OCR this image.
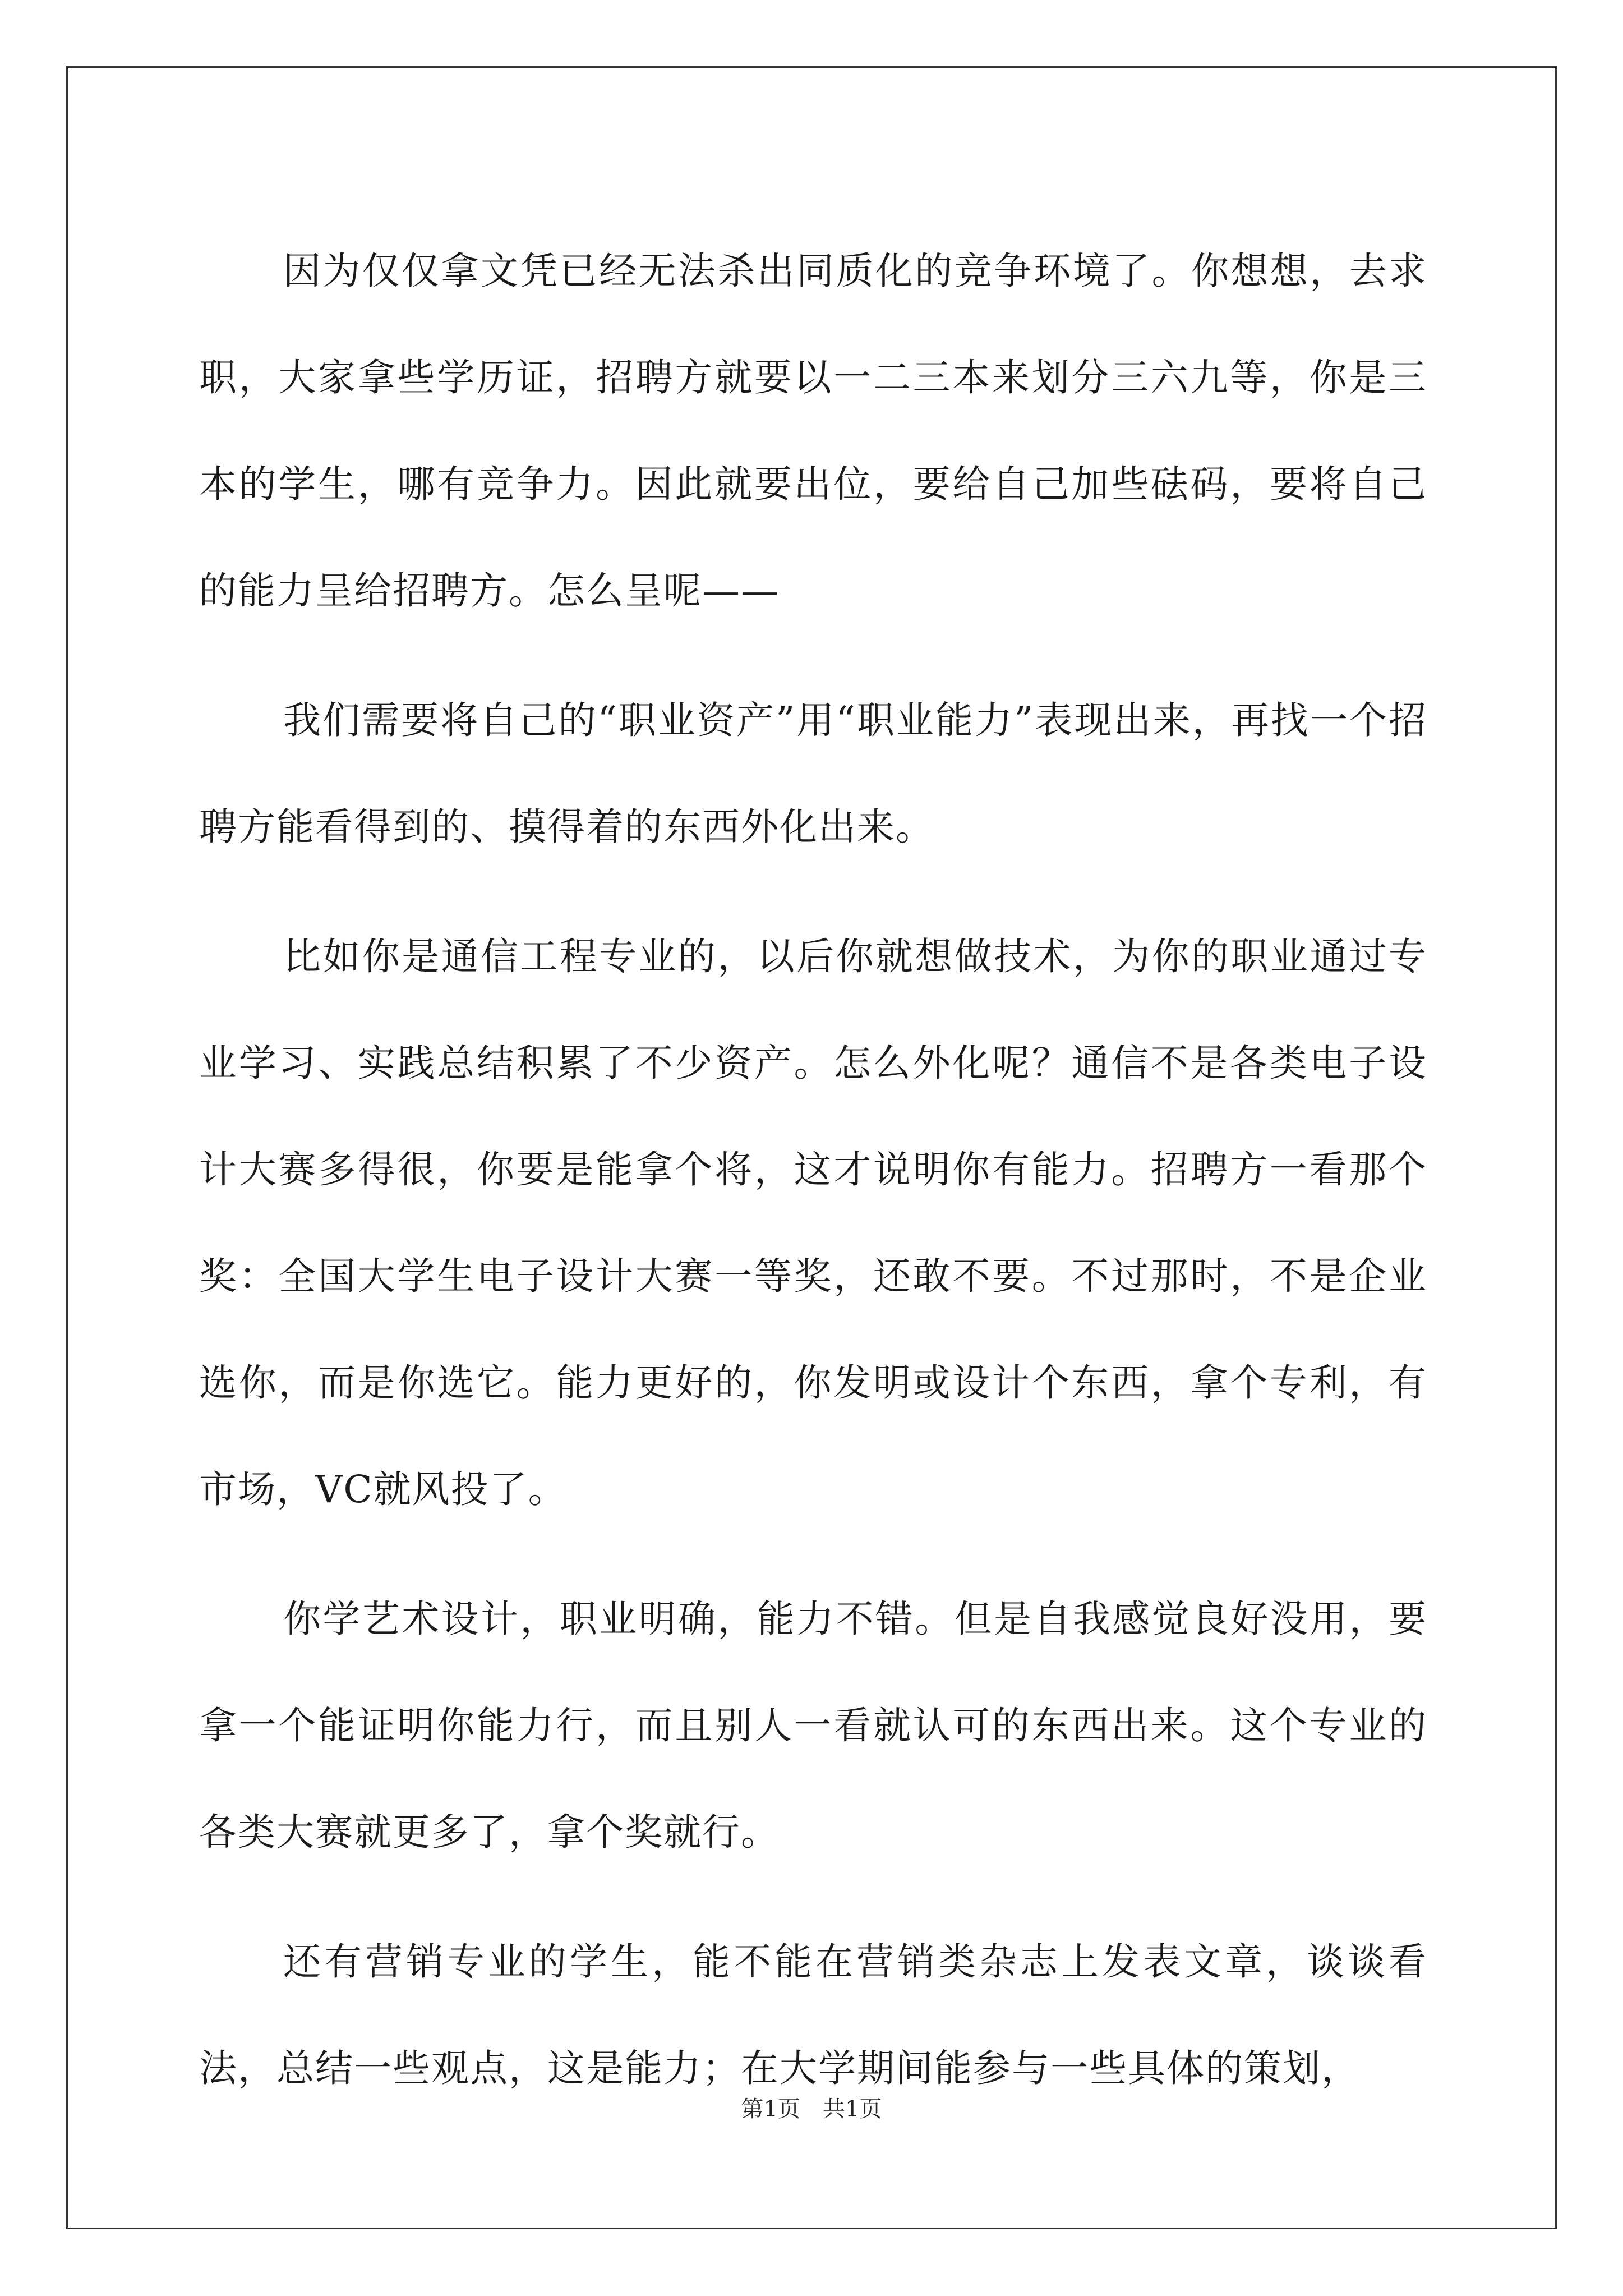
因为仅仅拿文凭已经无法杀出同质化的竞争环境了。你想想，去求职，大家拿些学历证，招聘方就要以一二三本来划分三六九等，你是三本的学生，哪有竞争力。因此就要出位，要给自己加些砝码，要将自己的能力呈给招聘方。怎么呈呢——

我们需要将自己的“职业资产”用“职业能力”表现出来，再找一个招聘方能看得到的、摸得着的东西外化出来。

比如你是通信工程专业的，以后你就想做技术，为你的职业通过专业学习、实践总结积累了不少资产。怎么外化呢？通信不是各类电子设计大赛多得很，你要是能拿个将，这才说明你有能力。招聘方一看那个奖：全国大学生电子设计大赛一等奖，还敢不要。不过那时，不是企业选你，而是你选它。能力更好的，你发明或设计个东西，拿个专利，有市场，VC就风投了。

你学艺术设计，职业明确，能力不错。但是自我感觉良好没用，要拿一个能证明你能力行，而且别人一看就认可的东西出来。这个专业的各类大赛就更多了，拿个奖就行。

还有营销专业的学生，能不能在营销类杂志上发表文章，谈谈看法，总结一些观点，这是能力；在大学期间能参与一些具体的策划，

第1页　共1页
